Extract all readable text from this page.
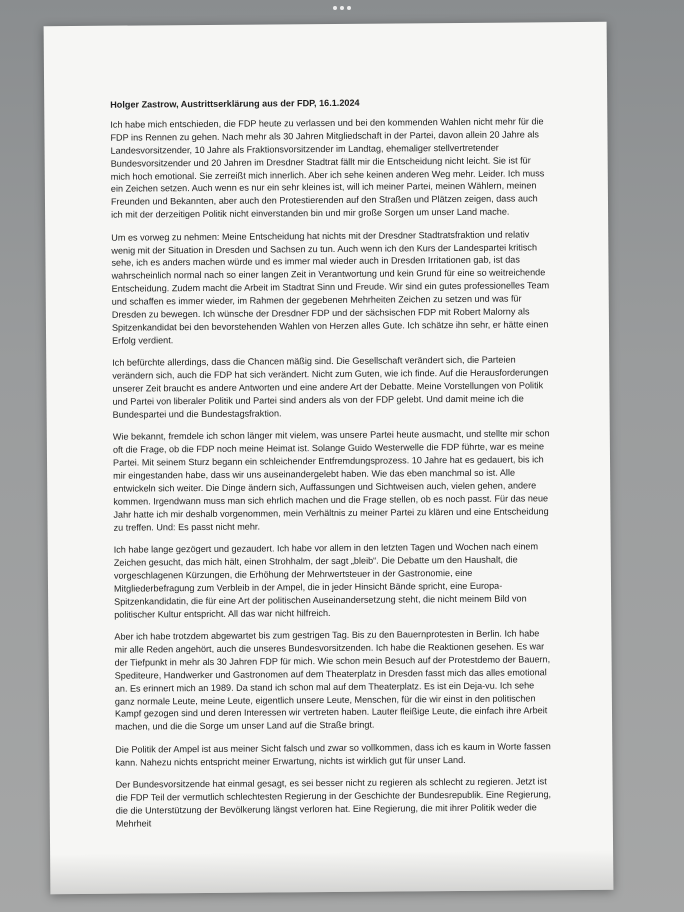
Holger Zastrow, Austrittserklärung aus der FDP, 16.1.2024

Ich habe mich entschieden, die FDP heute zu verlassen und bei den kommenden Wahlen nicht mehr für die FDP ins Rennen zu gehen. Nach mehr als 30 Jahren Mitgliedschaft in der Partei, davon allein 20 Jahre als Landesvorsitzender, 10 Jahre als Fraktionsvorsitzender im Landtag, ehemaliger stellvertretender Bundesvorsitzender und 20 Jahren im Dresdner Stadtrat fällt mir die Entscheidung nicht leicht. Sie ist für mich hoch emotional. Sie zerreißt mich innerlich. Aber ich sehe keinen anderen Weg mehr. Leider. Ich muss ein Zeichen setzen. Auch wenn es nur ein sehr kleines ist, will ich meiner Partei, meinen Wählern, meinen Freunden und Bekannten, aber auch den Protestierenden auf den Straßen und Plätzen zeigen, dass auch ich mit der derzeitigen Politik nicht einverstanden bin und mir große Sorgen um unser Land mache.

Um es vorweg zu nehmen: Meine Entscheidung hat nichts mit der Dresdner Stadtratsfraktion und relativ wenig mit der Situation in Dresden und Sachsen zu tun. Auch wenn ich den Kurs der Landespartei kritisch sehe, ich es anders machen würde und es immer mal wieder auch in Dresden Irritationen gab, ist das wahrscheinlich normal nach so einer langen Zeit in Verantwortung und kein Grund für eine so weitreichende Entscheidung. Zudem macht die Arbeit im Stadtrat Sinn und Freude. Wir sind ein gutes professionelles Team und schaffen es immer wieder, im Rahmen der gegebenen Mehrheiten Zeichen zu setzen und was für Dresden zu bewegen. Ich wünsche der Dresdner FDP und der sächsischen FDP mit Robert Malorny als Spitzenkandidat bei den bevorstehenden Wahlen von Herzen alles Gute. Ich schätze ihn sehr, er hätte einen Erfolg verdient.

Ich befürchte allerdings, dass die Chancen mäßig sind. Die Gesellschaft verändert sich, die Parteien verändern sich, auch die FDP hat sich verändert. Nicht zum Guten, wie ich finde. Auf die Herausforderungen unserer Zeit braucht es andere Antworten und eine andere Art der Debatte. Meine Vorstellungen von Politik und Partei von liberaler Politik und Partei sind anders als von der FDP gelebt. Und damit meine ich die Bundespartei und die Bundestagsfraktion.

Wie bekannt, fremdele ich schon länger mit vielem, was unsere Partei heute ausmacht, und stellte mir schon oft die Frage, ob die FDP noch meine Heimat ist. Solange Guido Westerwelle die FDP führte, war es meine Partei. Mit seinem Sturz begann ein schleichender Entfremdungsprozess. 10 Jahre hat es gedauert, bis ich mir eingestanden habe, dass wir uns auseinandergelebt haben. Wie das eben manchmal so ist. Alle entwickeln sich weiter. Die Dinge ändern sich, Auffassungen und Sichtweisen auch, vielen gehen, andere kommen. Irgendwann muss man sich ehrlich machen und die Frage stellen, ob es noch passt. Für das neue Jahr hatte ich mir deshalb vorgenommen, mein Verhältnis zu meiner Partei zu klären und eine Entscheidung zu treffen. Und: Es passt nicht mehr.

Ich habe lange gezögert und gezaudert. Ich habe vor allem in den letzten Tagen und Wochen nach einem Zeichen gesucht, das mich hält, einen Strohhalm, der sagt „bleib“. Die Debatte um den Haushalt, die vorgeschlagenen Kürzungen, die Erhöhung der Mehrwertsteuer in der Gastronomie, eine Mitgliederbefragung zum Verbleib in der Ampel, die in jeder Hinsicht Bände spricht, eine Europa-Spitzenkandidatin, die für eine Art der politischen Auseinandersetzung steht, die nicht meinem Bild von politischer Kultur entspricht. All das war nicht hilfreich.

Aber ich habe trotzdem abgewartet bis zum gestrigen Tag. Bis zu den Bauernprotesten in Berlin. Ich habe mir alle Reden angehört, auch die unseres Bundesvorsitzenden. Ich habe die Reaktionen gesehen. Es war der Tiefpunkt in mehr als 30 Jahren FDP für mich. Wie schon mein Besuch auf der Protestdemo der Bauern, Spediteure, Handwerker und Gastronomen auf dem Theaterplatz in Dresden fasst mich das alles emotional an. Es erinnert mich an 1989. Da stand ich schon mal auf dem Theaterplatz. Es ist ein Deja-vu. Ich sehe ganz normale Leute, meine Leute, eigentlich unsere Leute, Menschen, für die wir einst in den politischen Kampf gezogen sind und deren Interessen wir vertreten haben. Lauter fleißige Leute, die einfach ihre Arbeit machen, und die die Sorge um unser Land auf die Straße bringt.

Die Politik der Ampel ist aus meiner Sicht falsch und zwar so vollkommen, dass ich es kaum in Worte fassen kann. Nahezu nichts entspricht meiner Erwartung, nichts ist wirklich gut für unser Land.

Der Bundesvorsitzende hat einmal gesagt, es sei besser nicht zu regieren als schlecht zu regieren. Jetzt ist die FDP Teil der vermutlich schlechtesten Regierung in der Geschichte der Bundesrepublik. Eine Regierung, die die Unterstützung der Bevölkerung längst verloren hat. Eine Regierung, die mit ihrer Politik weder die Mehrheit
